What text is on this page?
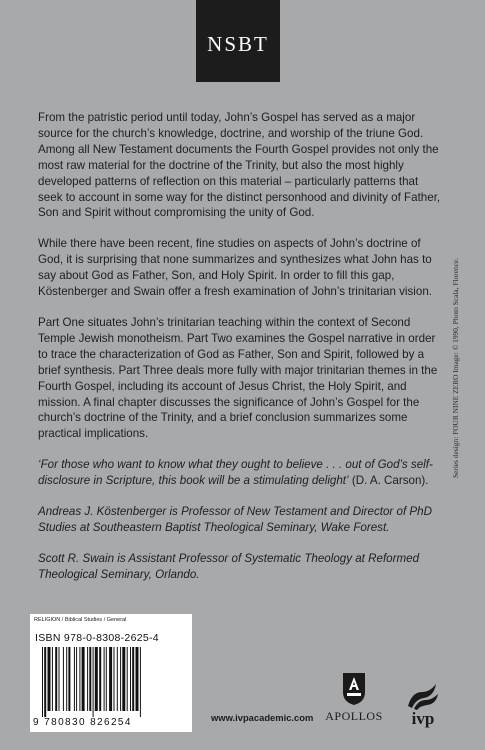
NSBT

From the patristic period until today, John’s Gospel has served as a major source for the church’s knowledge, doctrine, and worship of the triune God. Among all New Testament documents the Fourth Gospel provides not only the most raw material for the doctrine of the Trinity, but also the most highly developed patterns of reflection on this material – particularly patterns that seek to account in some way for the distinct personhood and divinity of Father, Son and Spirit without compromising the unity of God.

While there have been recent, fine studies on aspects of John’s doctrine of God, it is surprising that none summarizes and synthesizes what John has to say about God as Father, Son, and Holy Spirit. In order to fill this gap, Köstenberger and Swain offer a fresh examination of John’s trinitarian vision.

Part One situates John’s trinitarian teaching within the context of Second Temple Jewish monotheism. Part Two examines the Gospel narrative in order to trace the characterization of God as Father, Son and Spirit, followed by a brief synthesis. Part Three deals more fully with major trinitarian themes in the Fourth Gospel, including its account of Jesus Christ, the Holy Spirit, and mission. A final chapter discusses the significance of John’s Gospel for the church’s doctrine of the Trinity, and a brief conclusion summarizes some practical implications.

‘For those who want to know what they ought to believe . . . out of God’s self-disclosure in Scripture, this book will be a stimulating delight’ (D. A. Carson).

Andreas J. Köstenberger is Professor of New Testament and Director of PhD Studies at Southeastern Baptist Theological Seminary, Wake Forest.

Scott R. Swain is Assistant Professor of Systematic Theology at Reformed Theological Seminary, Orlando.

Series design: FOUR NINE ZERO Image: © 1990, Photo Scala, Florence.
RELIGION / Biblical Studies / General
ISBN 978-0-8308-2625-4
9 780830 826254	www.ivpacademic.com APOLLOS	ivp
